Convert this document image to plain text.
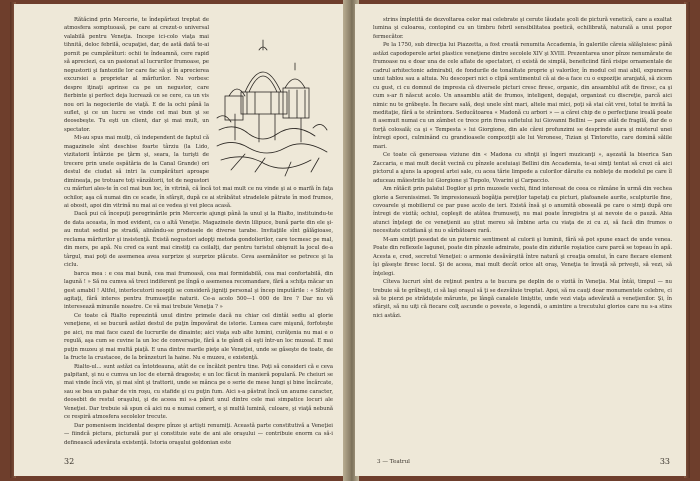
Rătăcind prin Mercerie, te îndepărtezi treptat de atmosfera somptuoasă, pe care ai crezut-o universal valabilă pentru Veneţia. Incepe ici-colo viaţa mai tihnită, deloc febrilă, ocupaţiei, dar, de astă dată te-ai pornit pe cumpărături: ochii te îndeamnă, cere rapid să apreciezi, ca un pasionat al lucrurilor frumoase, pe negustorii şi fanteziile lor care fac să şi în aprecierea excursiei a proprietar al mărfurilor. Nu vorbesc despre iţinaţi aprinse ca pe un negustor, care fierbinte şi perfect deja lucrează ce se cere, ca un vis nou ori la negocierile de viaţă. E de la ochi până la suflet, şi ce un lucru se vinde cel mai bun şi se deosebeşte. Tu eşti un client, dar şi mai mult, un spectator.

Mi-au spus mai mulţi, că independent de faptul că magazinele sînt deschise foarte târziu (la Lido, vizitatorii întârzie pe ţărm şi, seara, la turişti de trecere prin unele ospătăria de la Canal Grande) ori destul de ciudat să intri la cumpărături aproape dimineaţa, pe trotuare toţi vânzătorii, tot de negustori cu mărfuri ales-te în cel mai bun loc, în vitrină, că încă tot mai mult ce nu vinde şi ai o marfă în faţa ochilor, aşa că numai din ce scade, în sfârşit, după ce ai străbătut stradelele pătrate în mod frumos, ai obosit, apoi din vitrină nu mai ai ce vedea şi vei pleca acasă.

Dacă pui că începuţi peregrinările prin Mercerie ajungi până la unul şi la Rialto, instituindu-te de data aceasta, în mod evident, ca o altă Veneţie. Magazinele devin lilipuce, bună parte din ele şi-au mutat sediul pe stradă, alinându-se produsele de diverse tarabe. Invitaţiile sînt gălăgioase, reclama mărfurilor şi insistenţă. Există negustori adopţi metoda gondolierilor, care tocmesc pe mal, din mers, pe apă. Nu cred ca sunt mai cinstiţi ca ceilalţi, dar pentru turistul obişnuit la jocul de-a târgul, mai poţi de asemenea avea surprize şi surprize plăcute. Ceva asemănător se petrece şi la ciclu.

barca mea : e cea mai bună, cea mai frumoasă, cea mai formidabilă, cea mai confortabilă, din lagună ! » Să nu cumva să treci indiferent pe lîngă o asemenea recomandare, fără a schiţa măcar un gest amabil ! Altfel, interlocutorii neopiţi se consideră jigniţi personal şi încep imputările : « Sînteţi agitaţi, fără interes pentru frumuseţile naturii. Ce-a acolo 500—1 000 de lire ? Dar nu vă interesează minunile noastre. Ce vă mai trebuie Veneţia ? »

Ce toate că Rialto reprezintă unul dintre primele dacă nu chiar cel dintâi sediu al glorie veneţiene, ei se bucură astăzi destul de puţin împovărat de istorie. Lumea care mişună, forfoteşte pe aici, nu mai face cazul de lucrurile de dinainte; aici viaţa sub alte lumini, curăţenia nu mai e o regulă, aşa cum se cuvine la un loc de conversaţie, fără a te gândi că eşti într-un loc muzeal. E mai puţin muzeu şi mai multă piaţă. E una dintre marile pieţe ale Veneţiei, unde se găseşte de toate, de la fructe la crustacee, de la brânzeturi la haine. Nu e muzeu, e existenţă.

Rialto-ul... sunt astăzi ca întotdeauna, atât de ce încălzit pentru tine. Poţi să consideri că e ceva palpitant, şi nu e cumva un loc de eternă dragoste; e un loc făcut în manieră populară. Pe cheiuri se mai vinde încă vin, şi mai sînt şi trattorii, unde se mânca pe o serie de mese lungi şi bine încărcate, sau se bea un pahar de vin roşu, cu stafide şi cu puţin fum. Aici s-a păstrat încă un anume caracter, deosebit de restul oraşului, şi de aceea mi s-a părut unul dintre cele mai simpatice locuri ale Veneţiei. Dar trebuie să spun că aici nu e numai comerţ, e şi multă lumină, culoare, şi viaţă nebună ce respiră atmosfera secolelor trecute.

Dar pomenisem incidental despre pînze şi artişti renumiţi. Aceastã parte constitutivă a Veneţiei — fiindcă pictura, picturală pur şi constituie sute de ani ale oraşului — contribuie enorm ca să-i definească adevărata existenţă. Istoria oraşului goldonian este

32

strins împletită de dezvoltarea celor mai celebrate şi cerute lăudate şcoli de pictură venetică, care a exaltat lumina şi culoarea, contopind cu un timbru febril sensibilitatea poetică, echilibrată, naturală a unui popor fermecător.

Pe la 1750, sub direcţia lui Piazzetta, a fost creată renumita Accademia, în galeriile căreia sălăşluiesc până astăzi capodoperele artei plastice veneţiene dintre secolele XIV şi XVIII. Prezentarea unor pînze nenumărate de frumoase nu e doar una de cele aflate de spectatori, ci există de simplă, beneficiind fără risipe ornamentale de cadrul arhitectonic admirabil, de fondurile de tonalitate proprie şi valorilor, în modul cel mai abil, expunerea unui tablou sau a altuia. Nu descoperi nici o clipă sentimentul că ai de-a face cu o expoziţie aranjată, să zicem cu gust, ci cu domnul de impresia că diversele picturi cresc firesc, organic, din ansamblul atît de firesc, ca şi cum s-ar fi născut acolo. Un ansamblu atât de frumos, inteligent, degajat, organizat cu discreţie, parcă aici nimic nu te grăbeşte. În fiecare sală, deşi unele sînt mari, altele mai mici, poţi să stai cât vrei, totul te invită la meditaţie, fără a te strâmtora. Seducătoarea « Madonă cu arbori » — a cărei chip de o perfecţiune ireală poate fi asemuit numai cu un zâmbet ce trece prin firea sufletului lui Giovanni Bellini — pare atât de fragilă, dar de o forţă colosală; ca şi « Tempesta » lui Giorgione, din ale cărei profunzimi se desprinde aura şi misterul unei întregi epoci, culminând cu grandioasele compoziţii ale lui Veronese, Tizian şi Tintoretto, care domină sălile mari.

Ce toate că generoasa viziune din « Madona cu sfinţii şi îngeri muzicanţi », aşezată la biserica San Zaccaria, e mai mult decât vecină cu pînzele aceluiaşi Bellini din Accademia, te-ai simţi tentat să crezi că aici pictorul a ajuns la apogeul artei sale, cu acea tărie limpede a culorilor dăruite cu nobleţe de modelul pe care îl aduceau măiestriile lui Giorgione şi Tiepolo, Vivarini şi Carpaccio.

Am rătăcit prin palatul Dogilor şi prin muzeele vechi, fiind interesat de ceea ce rămâne în urmă din vechea glorie a Serenissimei. Te impresionează bogăţia pereţilor tapetaţi cu picturi, plafoanele aurite, sculpturile fine, covoarele şi mobilierul ce par puse acolo de ieri. Există însă şi o anumită oboseală pe care o simţi după ore întregi de vizită; ochiul, copleşit de atâtea frumuseţi, nu mai poate înregistra şi ai nevoie de o pauză. Abia atunci înţelegi de ce veneţienii au ştiut mereu să îmbine arta cu viaţa de zi cu zi, să facă din frumos o necesitate cotidiană şi nu o sărbătoare rară.

M-am simţit posedat de un puternic sentiment al culorii şi luminii, fără să pot spune exact de unde venea. Poate din reflexele lagunei, poate din pînzele admirate, poate din zidurile roşiatice care parcă se topeau în apă. Acesta e, cred, secretul Veneţiei: o armonie desăvârşită între natură şi creaţia omului, în care fiecare element îşi găseşte firesc locul. Şi de aceea, mai mult decât orice alt oraş, Veneţia te învaţă să priveşti, să vezi, să înţelegi.

Cîteva lucruri sînt de reţinut pentru a te bucura pe deplin de o vizită în Veneţia. Mai întâi, timpul — nu trebuie să te grăbeşti, ci să laşi oraşul să ţi se dezvăluie treptat. Apoi, să nu cauţi doar monumentele celebre, ci să te pierzi pe străduţele mărunte, pe lângă canalele liniştite, unde vezi viaţa adevărată a veneţienilor. Şi, în sfârşit, să nu uiţi că fiecare colţ ascunde o poveste, o legendă, o amintire a trecutului glorios care nu s-a stins nici astăzi.

3 — Teatrul	33
